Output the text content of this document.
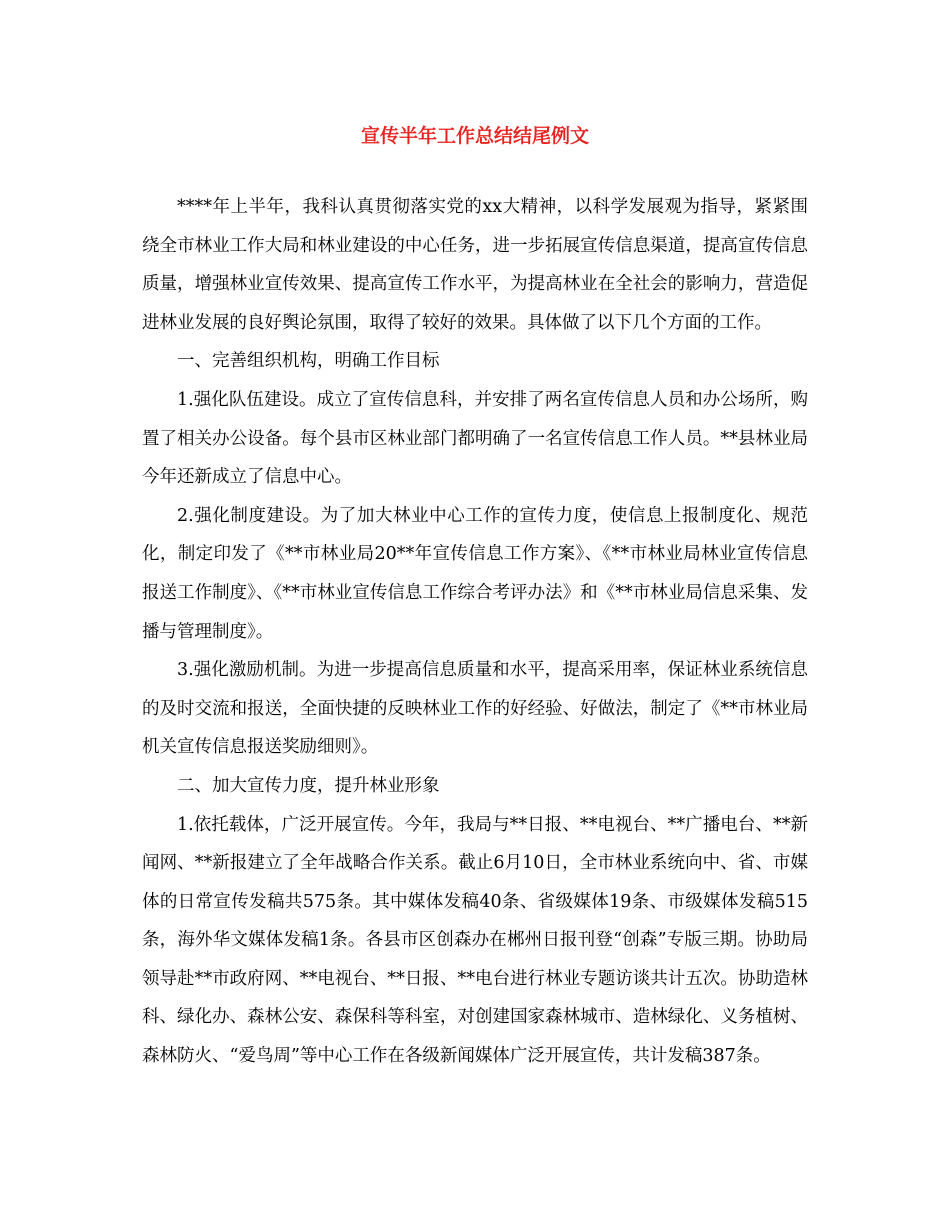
宣传半年工作总结结尾例文

****年上半年，我科认真贯彻落实党的xx大精神，以科学发展观为指导，紧紧围绕全市林业工作大局和林业建设的中心任务，进一步拓展宣传信息渠道，提高宣传信息质量，增强林业宣传效果、提高宣传工作水平，为提高林业在全社会的影响力，营造促进林业发展的良好舆论氛围，取得了较好的效果。具体做了以下几个方面的工作。

一、完善组织机构，明确工作目标

1.强化队伍建设。成立了宣传信息科，并安排了两名宣传信息人员和办公场所，购置了相关办公设备。每个县市区林业部门都明确了一名宣传信息工作人员。**县林业局今年还新成立了信息中心。

2.强化制度建设。为了加大林业中心工作的宣传力度，使信息上报制度化、规范化，制定印发了《**市林业局20**年宣传信息工作方案》、《**市林业局林业宣传信息报送工作制度》、《**市林业宣传信息工作综合考评办法》和《**市林业局信息采集、发播与管理制度》。

3.强化激励机制。为进一步提高信息质量和水平，提高采用率，保证林业系统信息的及时交流和报送，全面快捷的反映林业工作的好经验、好做法，制定了《**市林业局机关宣传信息报送奖励细则》。

二、加大宣传力度，提升林业形象

1.依托载体，广泛开展宣传。今年，我局与**日报、**电视台、**广播电台、**新闻网、**新报建立了全年战略合作关系。截止6月10日，全市林业系统向中、省、市媒体的日常宣传发稿共575条。其中媒体发稿40条、省级媒体19条、市级媒体发稿515条，海外华文媒体发稿1条。各县市区创森办在郴州日报刊登“创森”专版三期。协助局领导赴**市政府网、**电视台、**日报、**电台进行林业专题访谈共计五次。协助造林科、绿化办、森林公安、森保科等科室，对创建国家森林城市、造林绿化、义务植树、森林防火、“爱鸟周”等中心工作在各级新闻媒体广泛开展宣传，共计发稿387条。
